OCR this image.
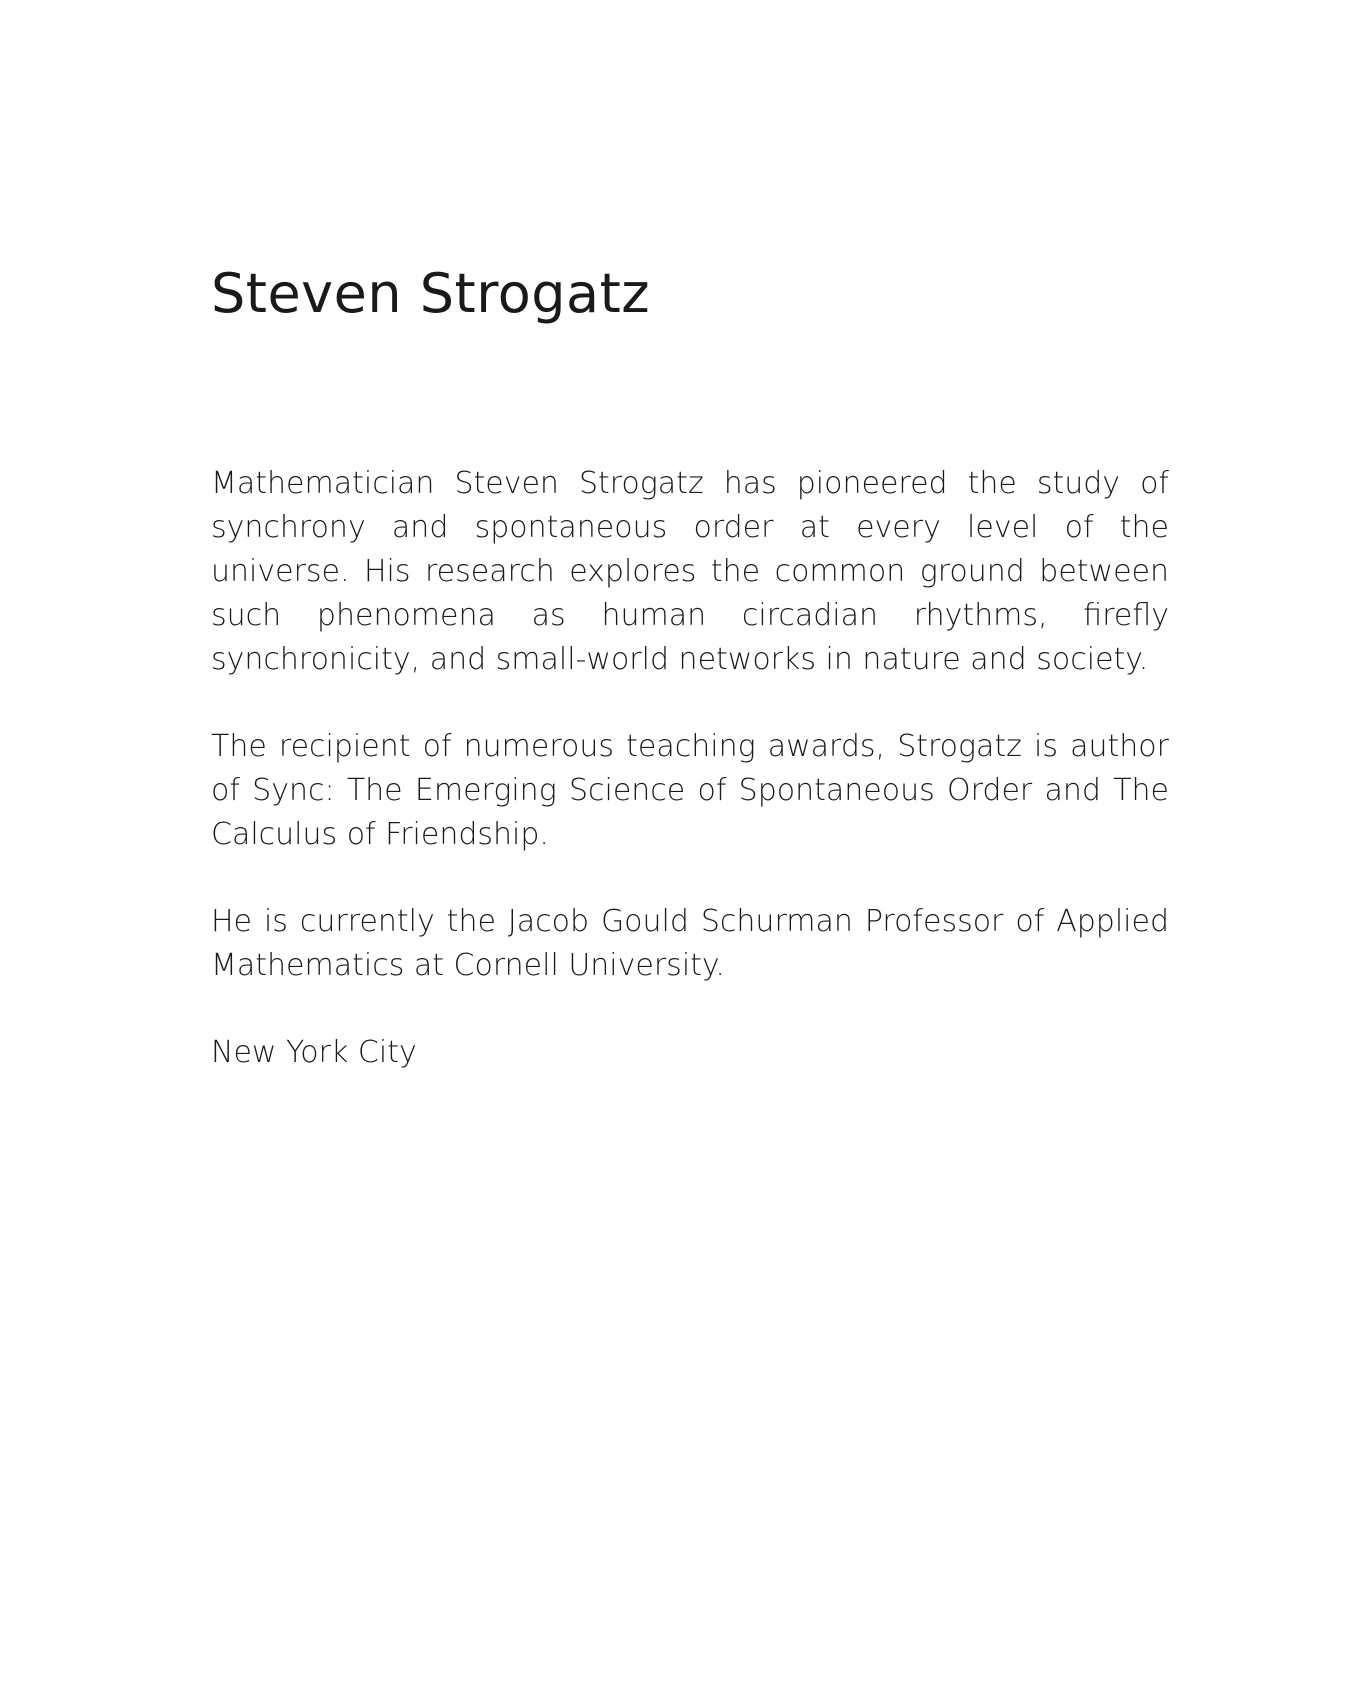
Steven Strogatz

Mathematician Steven Strogatz has pioneered the study of synchrony and spontaneous order at every level of the universe. His research explores the common ground between such phenomena as human circadian rhythms, firefly synchronicity, and small-world networks in nature and society.

The recipient of numerous teaching awards, Strogatz is author of Sync: The Emerging Science of Spontaneous Order and The Calculus of Friendship.

He is currently the Jacob Gould Schurman Professor of Applied Mathematics at Cornell University.

New York City
